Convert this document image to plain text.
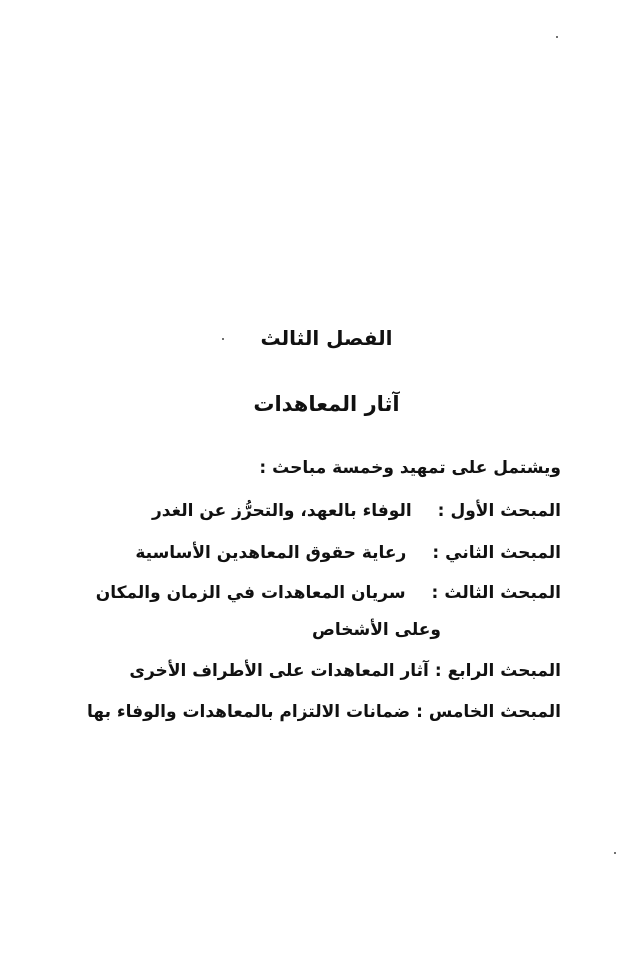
الفصل الثالث
آثار المعاهدات

ويشتمل على تمهيد وخمسة مباحث :

المبحث الأول
:
الوفاء بالعهد، والتحرُّز عن الغدر
المبحث الثاني
:
رعاية حقوق المعاهدين الأساسية
المبحث الثالث
:
سريان المعاهدات في الزمان والمكان
وعلى الأشخاص
المبحث الرابع
:
آثار المعاهدات على الأطراف الأخرى
المبحث الخامس
:
ضمانات الالتزام بالمعاهدات والوفاء بها
